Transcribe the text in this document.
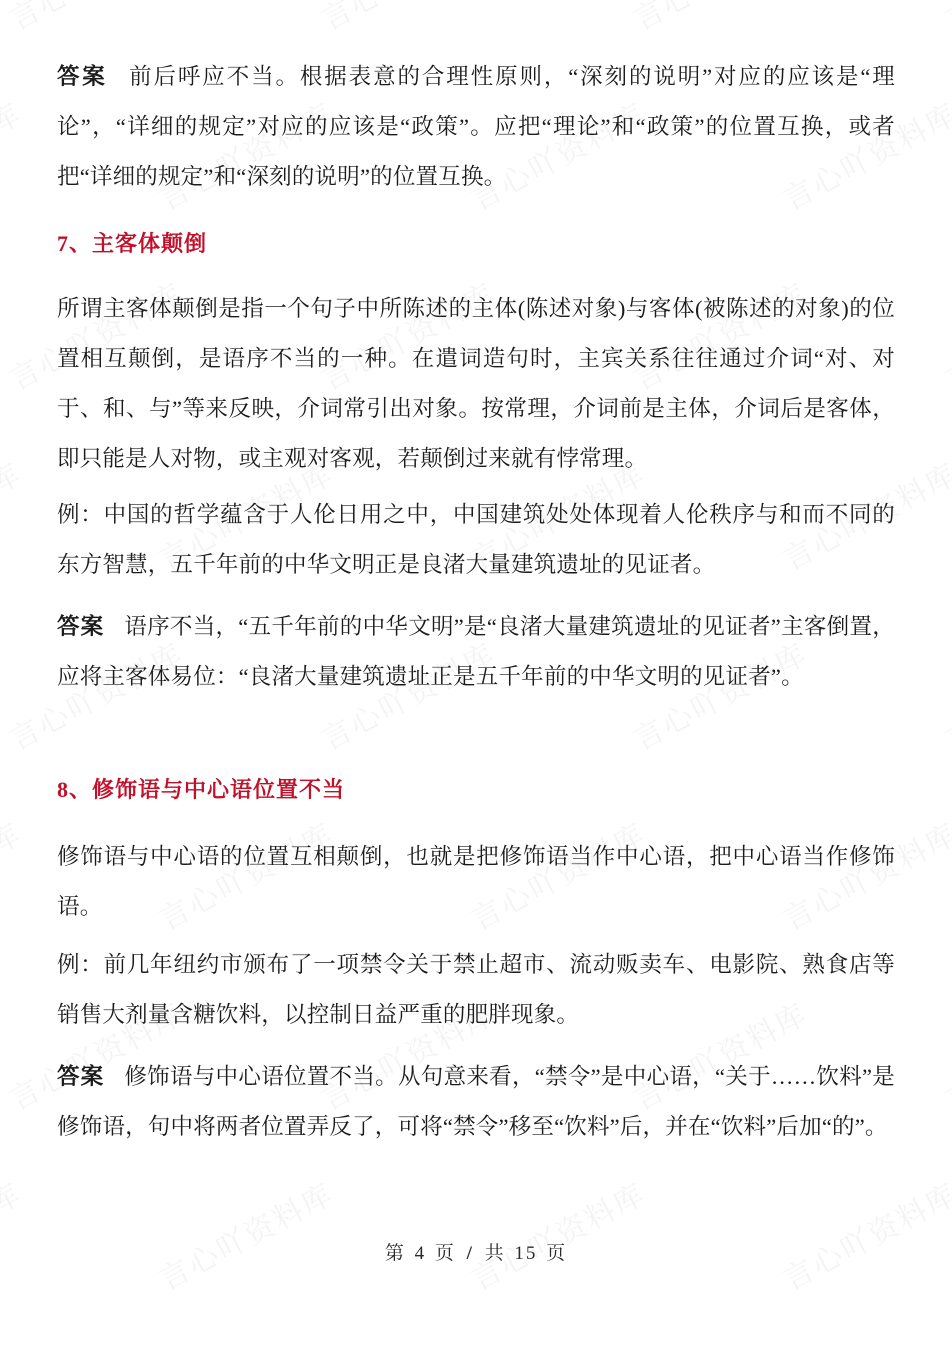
答案 前后呼应不当。根据表意的合理性原则，“深刻的说明”对应的应该是“理论”，“详细的规定”对应的应该是“政策”。应把“理论”和“政策”的位置互换，或者把“详细的规定”和“深刻的说明”的位置互换。

7、主客体颠倒

所谓主客体颠倒是指一个句子中所陈述的主体(陈述对象)与客体(被陈述的对象)的位置相互颠倒，是语序不当的一种。在遣词造句时，主宾关系往往通过介词“对、对于、和、与”等来反映，介词常引出对象。按常理，介词前是主体，介词后是客体，即只能是人对物，或主观对客观，若颠倒过来就有悖常理。

例：中国的哲学蕴含于人伦日用之中，中国建筑处处体现着人伦秩序与和而不同的东方智慧，五千年前的中华文明正是良渚大量建筑遗址的见证者。

答案 语序不当，“五千年前的中华文明”是“良渚大量建筑遗址的见证者”主客倒置，应将主客体易位：“良渚大量建筑遗址正是五千年前的中华文明的见证者”。

8、修饰语与中心语位置不当

修饰语与中心语的位置互相颠倒，也就是把修饰语当作中心语，把中心语当作修饰语。

例：前几年纽约市颁布了一项禁令关于禁止超市、流动贩卖车、电影院、熟食店等销售大剂量含糖饮料，以控制日益严重的肥胖现象。

答案 修饰语与中心语位置不当。从句意来看，“禁令”是中心语，“关于……饮料”是修饰语，句中将两者位置弄反了，可将“禁令”移至“饮料”后，并在“饮料”后加“的”。

第 4 页 / 共 15 页
